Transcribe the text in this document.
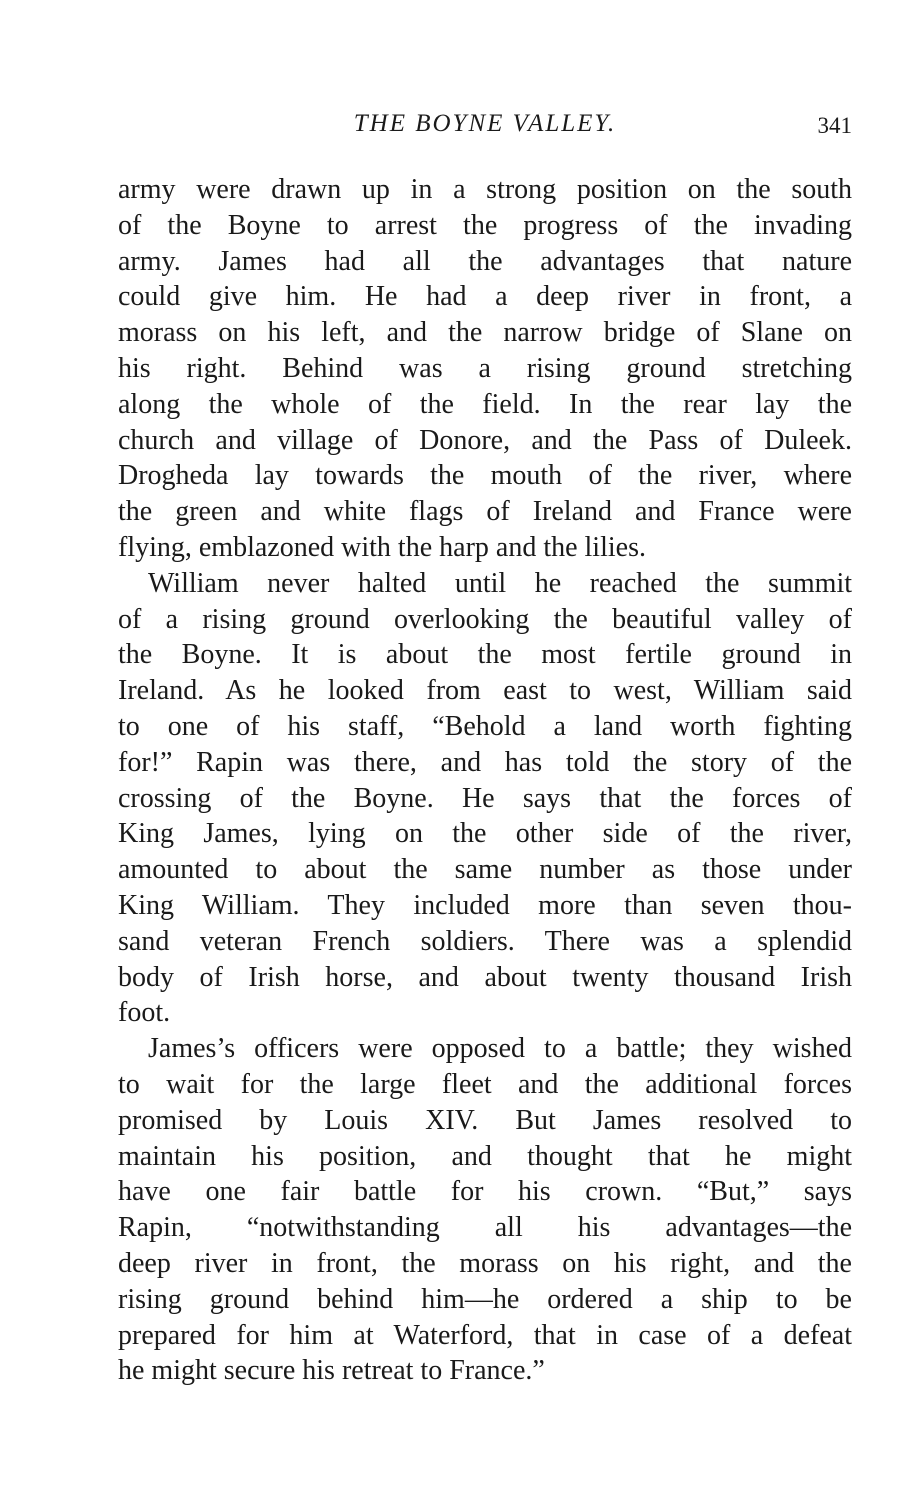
THE BOYNE VALLEY.	341
army were drawn up in a strong position on the south
of the Boyne to arrest the progress of the invading
army. James had all the advantages that nature
could give him. He had a deep river in front, a
morass on his left, and the narrow bridge of Slane on
his right. Behind was a rising ground stretching
along the whole of the field. In the rear lay the
church and village of Donore, and the Pass of Duleek.
Drogheda lay towards the mouth of the river, where
the green and white flags of Ireland and France were
flying, emblazoned with the harp and the lilies.
William never halted until he reached the summit
of a rising ground overlooking the beautiful valley of
the Boyne. It is about the most fertile ground in
Ireland. As he looked from east to west, William said
to one of his staff, “Behold a land worth fighting
for!” Rapin was there, and has told the story of the
crossing of the Boyne. He says that the forces of
King James, lying on the other side of the river,
amounted to about the same number as those under
King William. They included more than seven thou-
sand veteran French soldiers. There was a splendid
body of Irish horse, and about twenty thousand Irish
foot.
James’s officers were opposed to a battle; they wished
to wait for the large fleet and the additional forces
promised by Louis XIV. But James resolved to
maintain his position, and thought that he might
have one fair battle for his crown. “But,” says
Rapin, “notwithstanding all his advantages—the
deep river in front, the morass on his right, and the
rising ground behind him—he ordered a ship to be
prepared for him at Waterford, that in case of a defeat
he might secure his retreat to France.”
